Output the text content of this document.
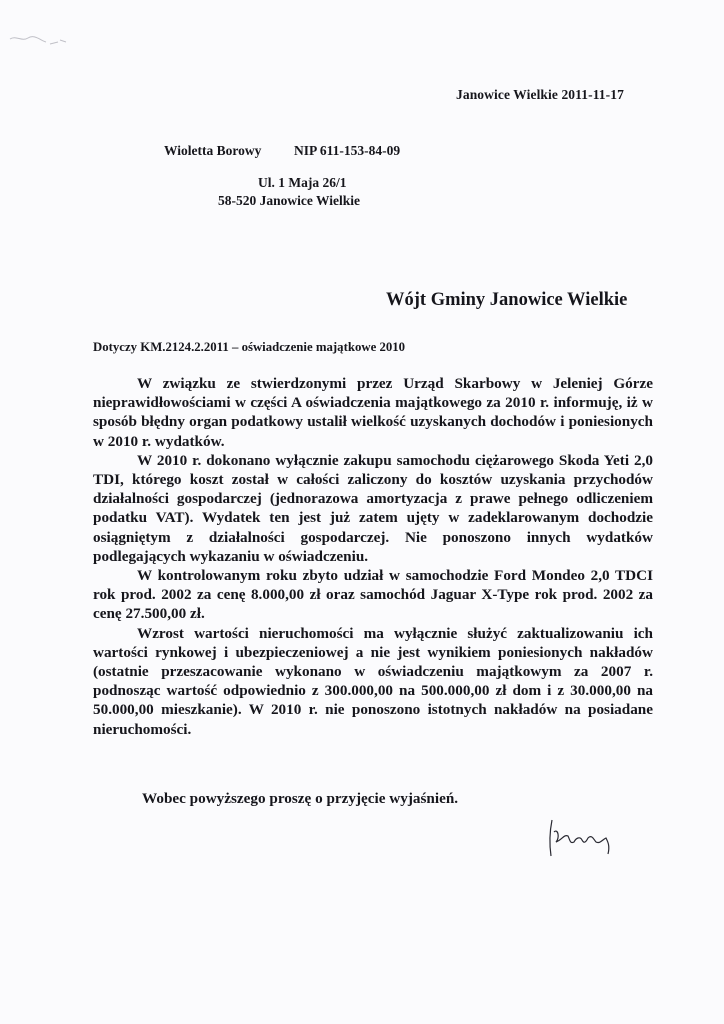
Janowice Wielkie 2011-11-17
Wioletta Borowy NIP 611-153-84-09
Ul. 1 Maja 26/1
58-520 Janowice Wielkie
Wójt Gminy Janowice Wielkie
Dotyczy KM.2124.2.2011 – oświadczenie majątkowe 2010

W związku ze stwierdzonymi przez Urząd Skarbowy w Jeleniej Górze nieprawidłowościami w części A oświadczenia majątkowego za 2010 r. informuję, iż w sposób błędny organ podatkowy ustalił wielkość uzyskanych dochodów i poniesionych w 2010 r. wydatków.

W 2010 r. dokonano wyłącznie zakupu samochodu ciężarowego Skoda Yeti 2,0 TDI, którego koszt został w całości zaliczony do kosztów uzyskania przychodów działalności gospodarczej (jednorazowa amortyzacja z prawe pełnego odliczeniem podatku VAT). Wydatek ten jest już zatem ujęty w zadeklarowanym dochodzie osiągniętym z działalności gospodarczej. Nie ponoszono innych wydatków podlegających wykazaniu w oświadczeniu.

W kontrolowanym roku zbyto udział w samochodzie Ford Mondeo 2,0 TDCI rok prod. 2002 za cenę 8.000,00 zł oraz samochód Jaguar X-Type rok prod. 2002 za cenę 27.500,00 zł.

Wzrost wartości nieruchomości ma wyłącznie służyć zaktualizowaniu ich wartości rynkowej i ubezpieczeniowej a nie jest wynikiem poniesionych nakładów (ostatnie przeszacowanie wykonano w oświadczeniu majątkowym za 2007 r. podnosząc wartość odpowiednio z 300.000,00 na 500.000,00 zł dom i z 30.000,00 na 50.000,00 mieszkanie). W 2010 r. nie ponoszono istotnych nakładów na posiadane nieruchomości.

Wobec powyższego proszę o przyjęcie wyjaśnień.
